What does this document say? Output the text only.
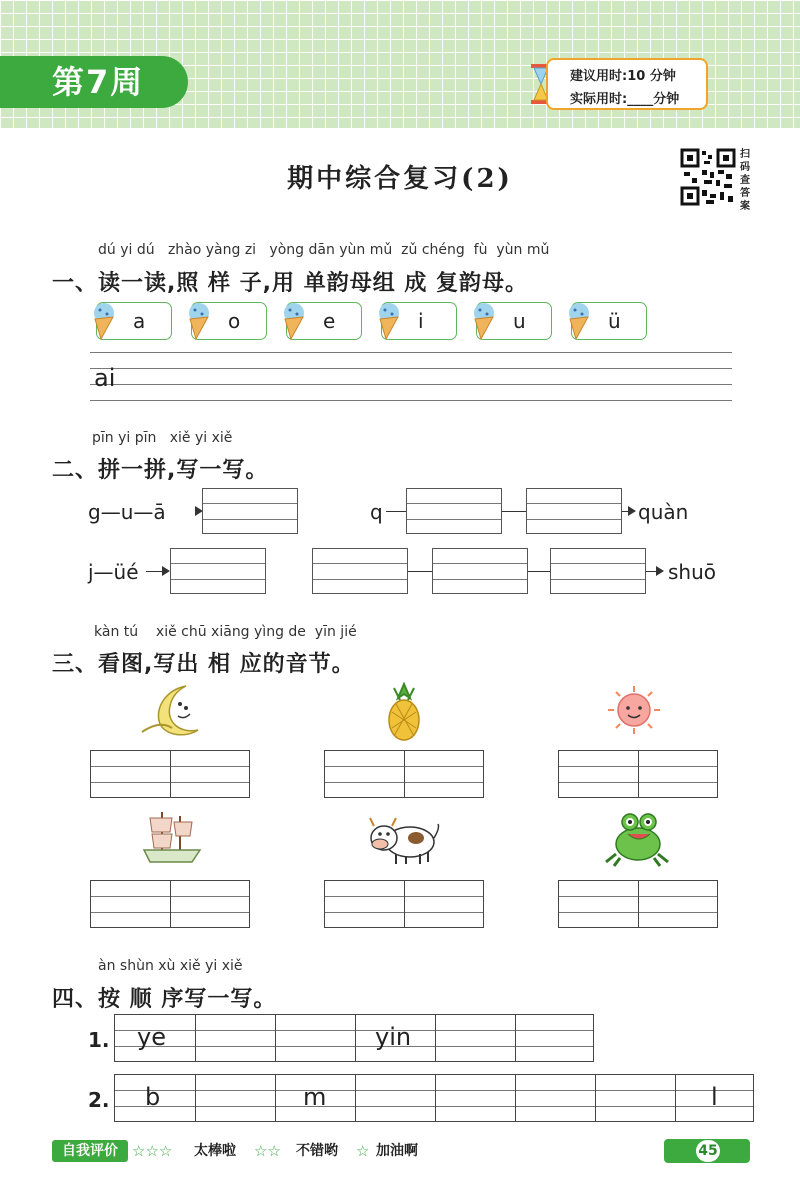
第7周	建议用时:10 分钟
实际用时:____分钟
期中综合复习(2)
扫码查答案
dú yi dú   zhào yàng zi   yòng dān yùn mǔ  zǔ chéng  fù  yùn mǔ
一、读一读,照 样 子,用 单韵母组 成 复韵母。
a	o	e	i	u	ü
ai
pīn yi pīn   xiě yi xiě
二、拼一拼,写一写。
g—u—ā	q	quàn
j—üé	shuō
kàn tú    xiě chū xiāng yìng de  yīn jié
三、看图,写出 相 应的音节。
àn shùn xù xiě yi xiě
四、按 顺 序写一写。
1. ye	yin
2. b	m	l
自我评价 ☆☆☆ 太棒啦 ☆☆ 不错哟 ☆ 加油啊	45
